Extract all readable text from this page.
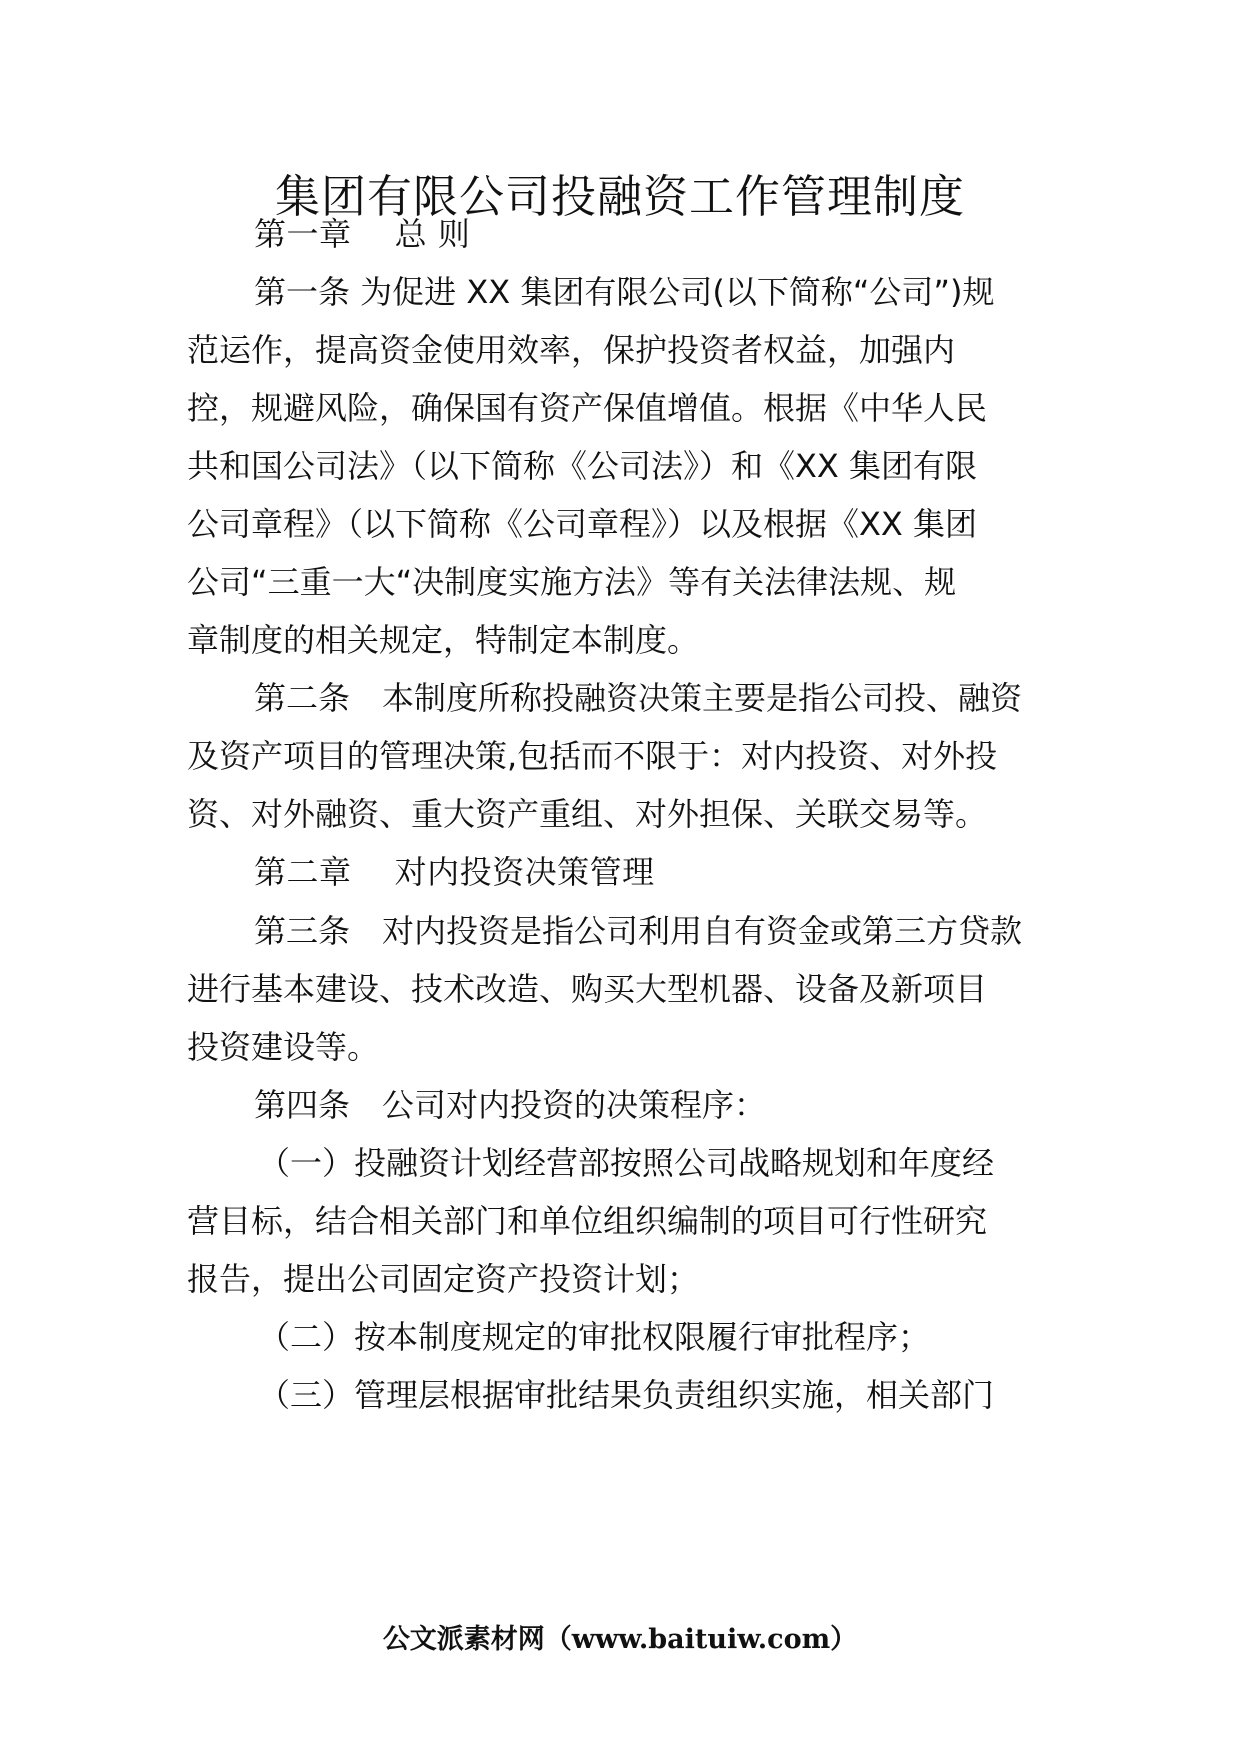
集团有限公司投融资工作管理制度
第一章　 总 则
第一条 为促进 XX 集团有限公司(以下简称“公司”)规
范运作，提高资金使用效率，保护投资者权益，加强内
控，规避风险，确保国有资产保值增值。根据《中华人民
共和国公司法》（以下简称《公司法》）和《XX 集团有限
公司章程》（以下简称《公司章程》）以及根据《XX 集团
公司“三重一大“决制度实施方法》等有关法律法规、规
章制度的相关规定，特制定本制度。
第二条　本制度所称投融资决策主要是指公司投、融资
及资产项目的管理决策,包括而不限于：对内投资、对外投
资、对外融资、重大资产重组、对外担保、关联交易等。
第二章　 对内投资决策管理
第三条　对内投资是指公司利用自有资金或第三方贷款
进行基本建设、技术改造、购买大型机器、设备及新项目
投资建设等。
第四条　公司对内投资的决策程序：
（一）投融资计划经营部按照公司战略规划和年度经
营目标，结合相关部门和单位组织编制的项目可行性研究
报告，提出公司固定资产投资计划；
（二）按本制度规定的审批权限履行审批程序；
（三）管理层根据审批结果负责组织实施，相关部门
公文派素材网（www.baituiw.com）
